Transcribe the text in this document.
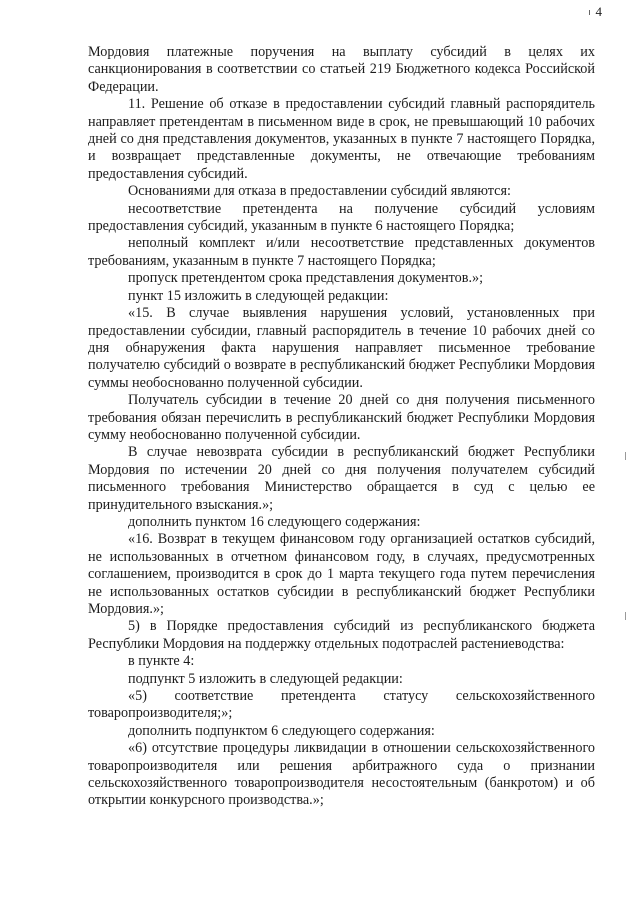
4

Мордовия платежные поручения на выплату субсидий в целях их санкционирования в соответствии со статьей 219 Бюджетного кодекса Российской Федерации.

11. Решение об отказе в предоставлении субсидий главный распорядитель направляет претендентам в письменном виде в срок, не превышающий 10 рабочих дней со дня представления документов, указанных в пункте 7 настоящего Порядка, и возвращает представленные документы, не отвечающие требованиям предоставления субсидий.

Основаниями для отказа в предоставлении субсидий являются:

несоответствие претендента на получение субсидий условиям предоставления субсидий, указанным в пункте 6 настоящего Порядка;

неполный комплект и/или несоответствие представленных документов требованиям, указанным в пункте 7 настоящего Порядка;

пропуск претендентом срока представления документов.»;

пункт 15 изложить в следующей редакции:

«15. В случае выявления нарушения условий, установленных при предоставлении субсидии, главный распорядитель в течение 10 рабочих дней со дня обнаружения факта нарушения направляет письменное требование получателю субсидий о возврате в республиканский бюджет Республики Мордовия суммы необоснованно полученной субсидии.

Получатель субсидии в течение 20 дней со дня получения письменного требования обязан перечислить в республиканский бюджет Республики Мордовия сумму необоснованно полученной субсидии.

В случае невозврата субсидии в республиканский бюджет Республики Мордовия по истечении 20 дней со дня получения получателем субсидий письменного требования Министерство обращается в суд с целью ее принудительного взыскания.»;

дополнить пунктом 16 следующего содержания:

«16. Возврат в текущем финансовом году организацией остатков субсидий, не использованных в отчетном финансовом году, в случаях, предусмотренных соглашением, производится в срок до 1 марта текущего года путем перечисления не использованных остатков субсидии в республиканский бюджет Республики Мордовия.»;

5) в Порядке предоставления субсидий из республиканского бюджета Республики Мордовия на поддержку отдельных подотраслей растениеводства:

в пункте 4:

подпункт 5 изложить в следующей редакции:

«5) соответствие претендента статусу сельскохозяйственного товаропроизводителя;»;

дополнить подпунктом 6 следующего содержания:

«6) отсутствие процедуры ликвидации в отношении сельскохозяйственного товаропроизводителя или решения арбитражного суда о признании сельскохозяйственного товаропроизводителя несостоятельным (банкротом) и об открытии конкурсного производства.»;
